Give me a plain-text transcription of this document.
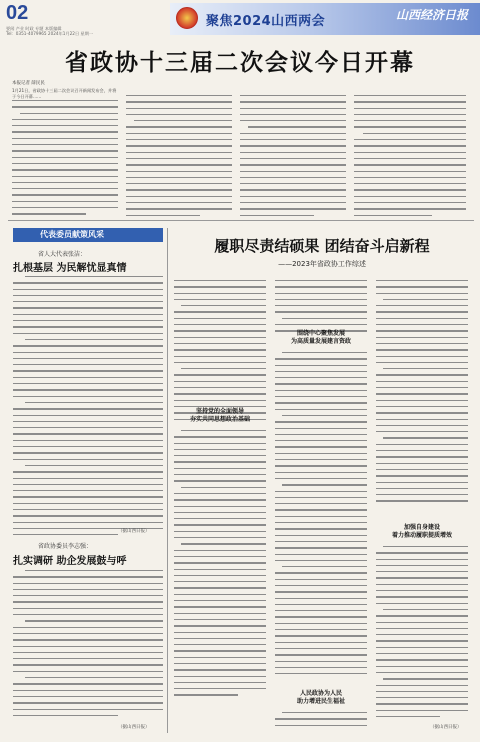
02
要闻 产业 时政 专题 本版编辑
Tel：0351-4079965 2024年1月22日 星期一
聚焦2024山西两会	山西经济日报
省政协十三届二次会议今日开幕
本报记者 薛民民
1月21日，省政协十三届二次会议召开新闻发布会，并将于今日开幕……
代表委员献策风采
省人大代表张洁：
扎根基层 为民解忧显真情
（据山西日报）
省政协委员李志强：
扎实调研 助企发展鼓与呼
（据山西日报）
履职尽责结硕果 团结奋斗启新程
——2023年省政协工作综述
坚持党的全面领导
夯实共同思想政治基础
围绕中心聚焦发展
为高质量发展建言资政
人民政协为人民
助力增进民生福祉
加强自身建设
着力推动履职提质增效
（据山西日报）
